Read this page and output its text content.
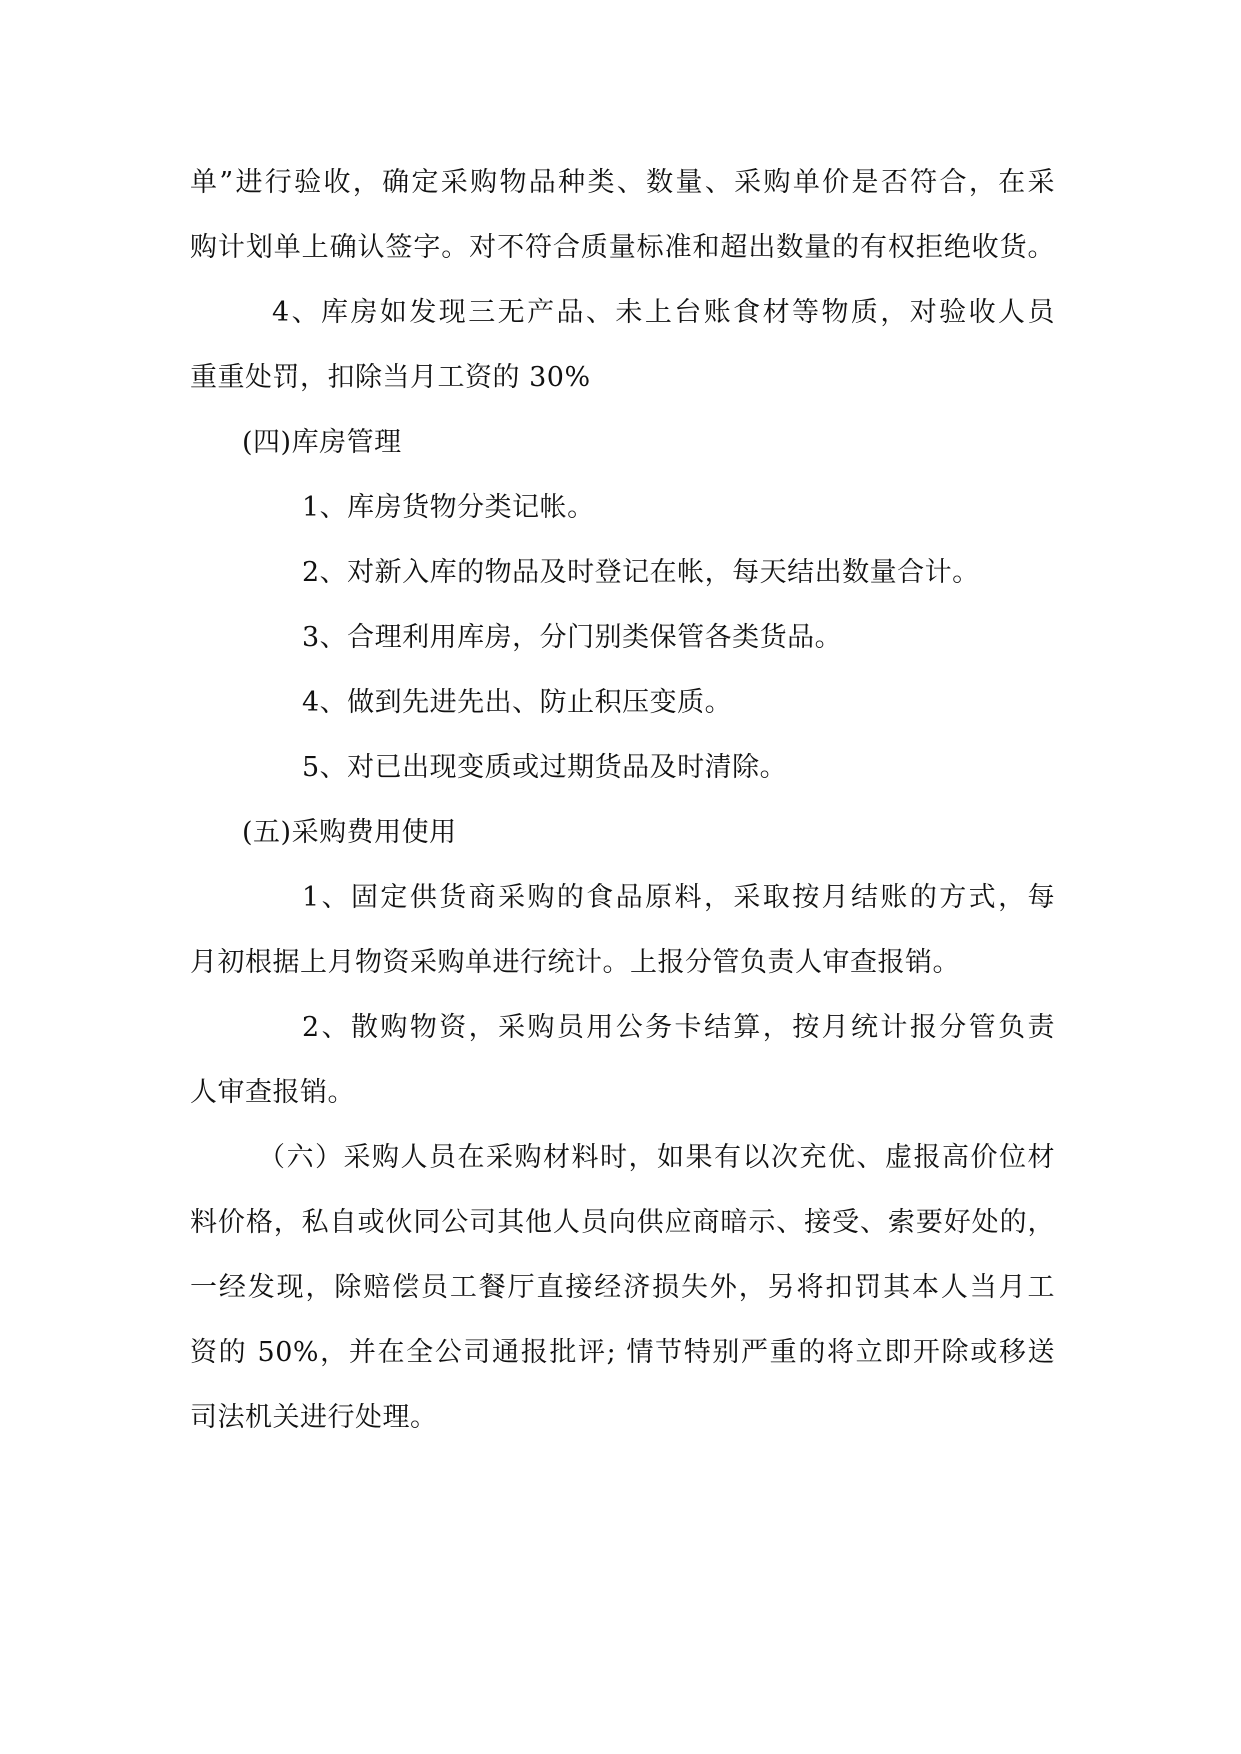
单”进行验收，确定采购物品种类、数量、采购单价是否符合，在采
购计划单上确认签字。对不符合质量标准和超出数量的有权拒绝收货。
4、库房如发现三无产品、未上台账食材等物质，对验收人员
重重处罚，扣除当月工资的 30%
(四)库房管理
1、库房货物分类记帐。
2、对新入库的物品及时登记在帐，每天结出数量合计。
3、合理利用库房，分门别类保管各类货品。
4、做到先进先出、防止积压变质。
5、对已出现变质或过期货品及时清除。
(五)采购费用使用
1、固定供货商采购的食品原料，采取按月结账的方式，每
月初根据上月物资采购单进行统计。上报分管负责人审查报销。
2、散购物资，采购员用公务卡结算，按月统计报分管负责
人审查报销。
（六）采购人员在采购材料时，如果有以次充优、虚报高价位材
料价格，私自或伙同公司其他人员向供应商暗示、接受、索要好处的，
一经发现，除赔偿员工餐厅直接经济损失外，另将扣罚其本人当月工
资的 50%，并在全公司通报批评; 情节特别严重的将立即开除或移送
司法机关进行处理。
